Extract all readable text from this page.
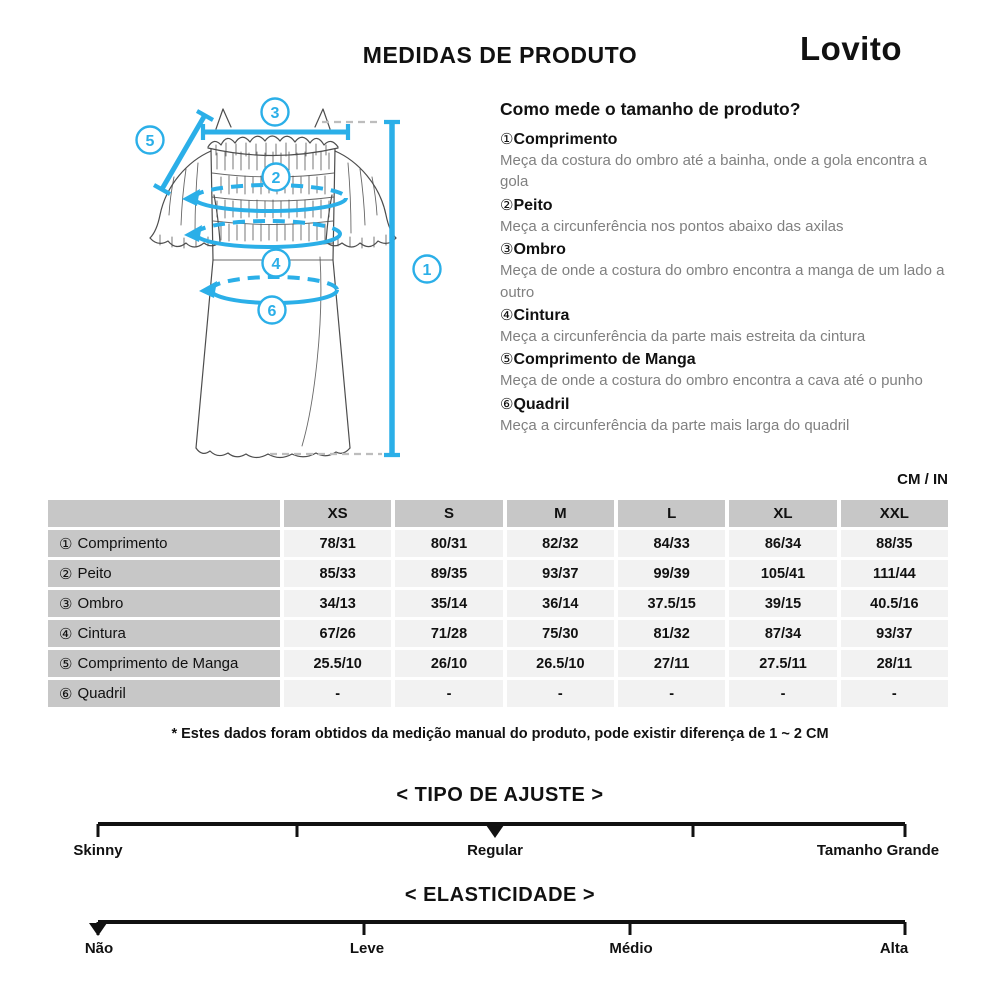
MEDIDAS DE PRODUTO	Lovito
1
2
3
4
5
6
Como mede o tamanho de produto?
①Comprimento
Meça da costura do ombro até a bainha, onde a gola encontra a gola
②Peito
Meça a circunferência nos pontos abaixo das axilas
③Ombro
Meça de onde a costura do ombro encontra a manga de um lado a outro
④Cintura
Meça a circunferência da parte mais estreita da cintura
⑤Comprimento de Manga
Meça de onde a costura do ombro encontra a cava até o punho
⑥Quadril
Meça a circunferência da parte mais larga do quadril
CM / IN
XS	S	M	L	XL	XXL
① Comprimento	78/31	80/31	82/32	84/33	86/34	88/35
② Peito	85/33	89/35	93/37	99/39	105/41	111/44
③ Ombro	34/13	35/14	36/14	37.5/15	39/15	40.5/16
④ Cintura	67/26	71/28	75/30	81/32	87/34	93/37
⑤ Comprimento de Manga	25.5/10	26/10	26.5/10	27/11	27.5/11	28/11
⑥ Quadril	-	-	-	-	-	-
* Estes dados foram obtidos da medição manual do produto, pode existir diferença de 1 ~ 2 CM
< TIPO DE AJUSTE >
Skinny	Regular	Tamanho Grande
< ELASTICIDADE >
Não	Leve	Médio	Alta
